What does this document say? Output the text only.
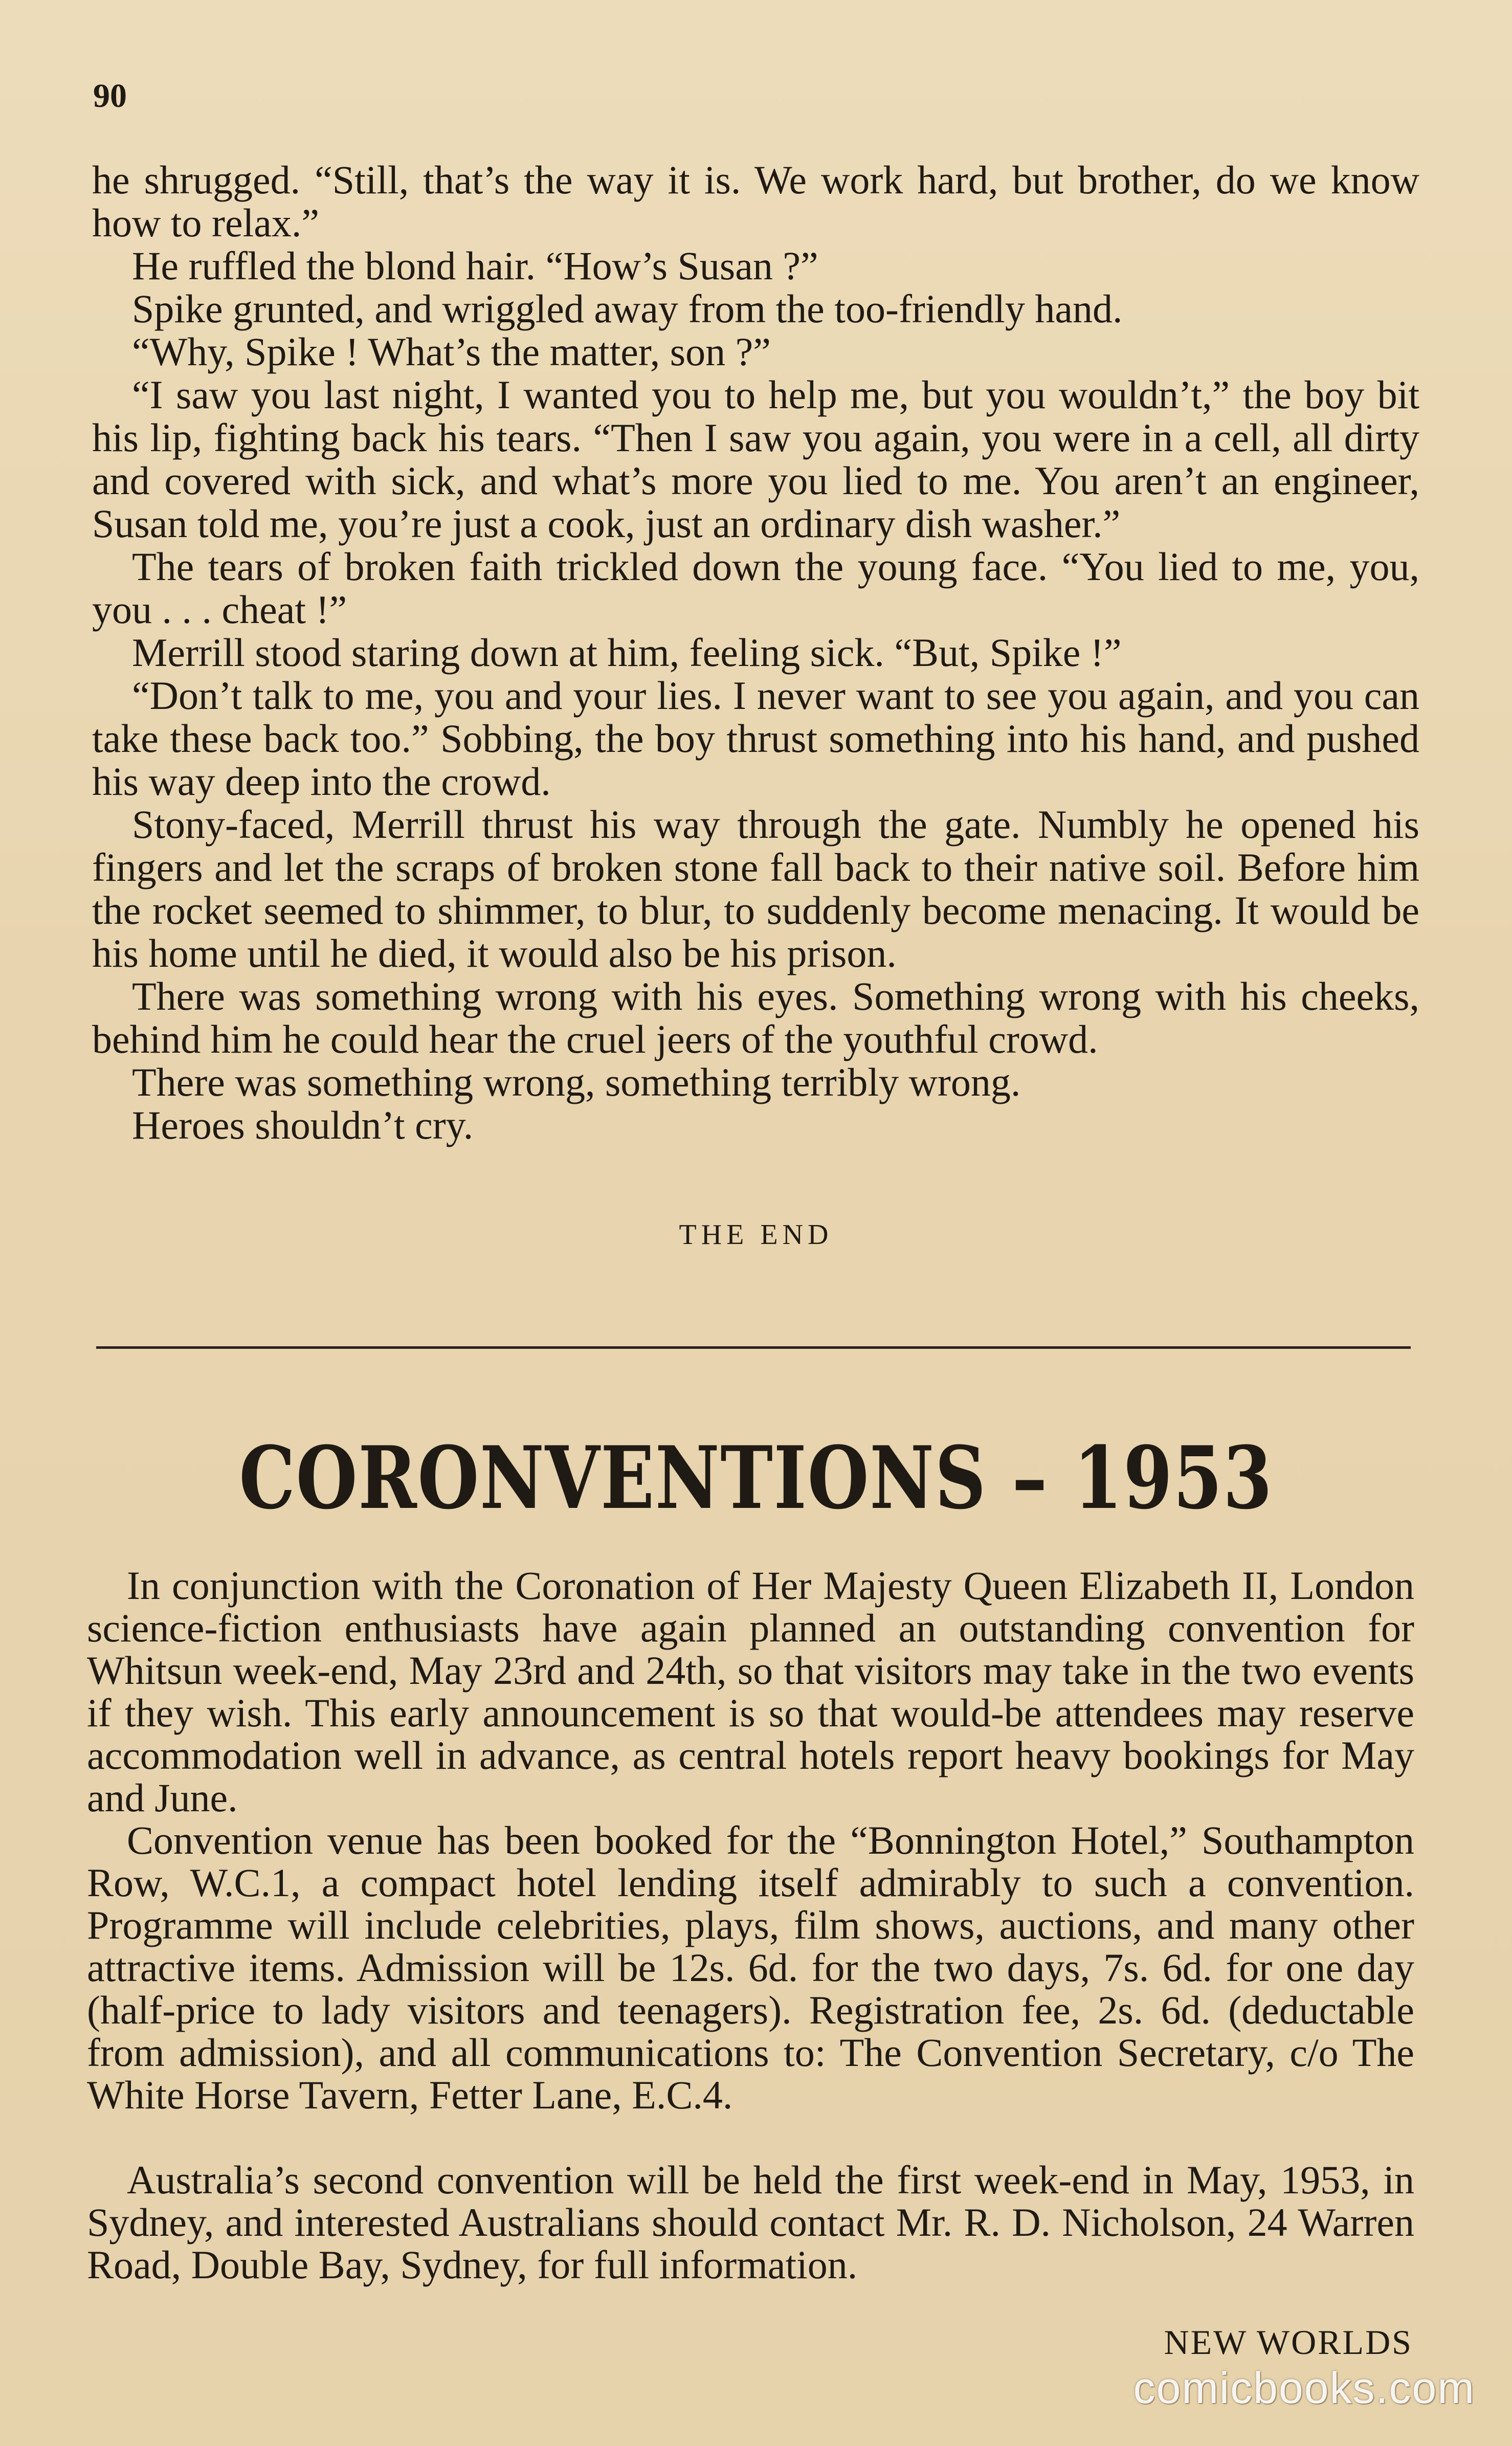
90

he shrugged. “Still, that’s the way it is. We work hard, but brother, do we know how to relax.”

He ruffled the blond hair. “How’s Susan ?”

Spike grunted, and wriggled away from the too-friendly hand.

“Why, Spike ! What’s the matter, son ?”

“I saw you last night, I wanted you to help me, but you wouldn’t,” the boy bit his lip, fighting back his tears. “Then I saw you again, you were in a cell, all dirty and covered with sick, and what’s more you lied to me. You aren’t an engineer, Susan told me, you’re just a cook, just an ordinary dish washer.”

The tears of broken faith trickled down the young face. “You lied to me, you, you . . . cheat !”

Merrill stood staring down at him, feeling sick. “But, Spike !”

“Don’t talk to me, you and your lies. I never want to see you again, and you can take these back too.” Sobbing, the boy thrust something into his hand, and pushed his way deep into the crowd.

Stony-faced, Merrill thrust his way through the gate. Numbly he opened his fingers and let the scraps of broken stone fall back to their native soil. Before him the rocket seemed to shimmer, to blur, to suddenly become menacing. It would be his home until he died, it would also be his prison.

There was something wrong with his eyes. Something wrong with his cheeks, behind him he could hear the cruel jeers of the youthful crowd.

There was something wrong, something terribly wrong.

Heroes shouldn’t cry.

THE END
CORONVENTIONS – 1953

In conjunction with the Coronation of Her Majesty Queen Elizabeth II, London science-fiction enthusiasts have again planned an outstanding convention for Whitsun week-end, May 23rd and 24th, so that visitors may take in the two events if they wish. This early announcement is so that would-be attendees may reserve accommodation well in advance, as central hotels report heavy bookings for May and June.

Convention venue has been booked for the “Bonnington Hotel,” Southampton Row, W.C.1, a compact hotel lending itself admirably to such a convention. Programme will include celebrities, plays, film shows, auctions, and many other attractive items. Admission will be 12s. 6d. for the two days, 7s. 6d. for one day (half-price to lady visitors and teenagers). Registration fee, 2s. 6d. (deductable from admission), and all communications to: The Convention Secretary, c/o The White Horse Tavern, Fetter Lane, E.C.4.

Australia’s second convention will be held the first week-end in May, 1953, in Sydney, and interested Australians should contact Mr. R. D. Nicholson, 24 Warren Road, Double Bay, Sydney, for full information.

NEW WORLDS
comicbooks.com
